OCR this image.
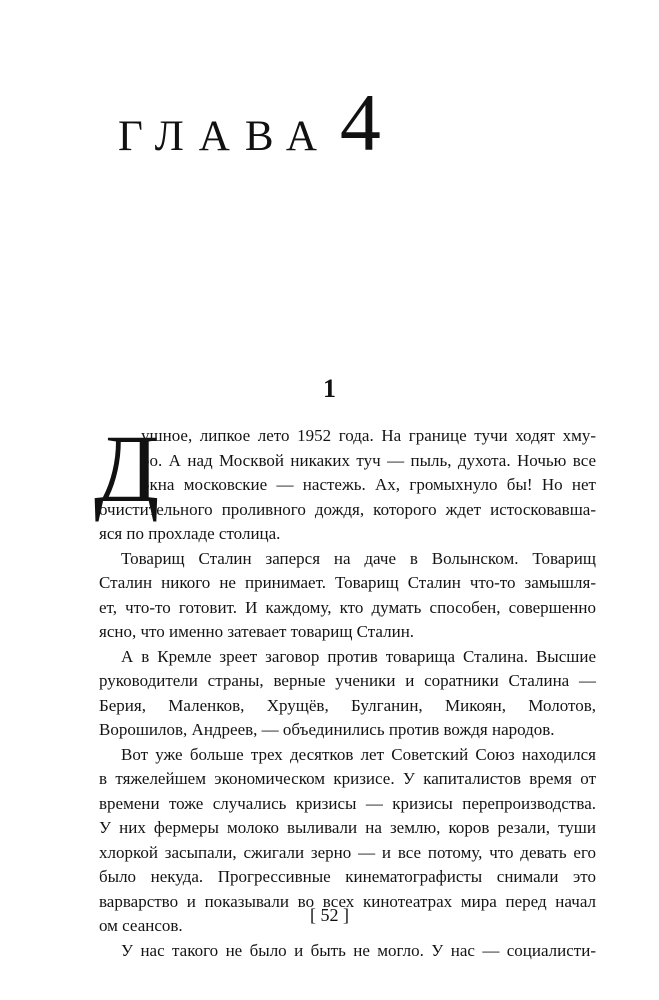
ГЛАВА 4
1
Д
ушное, липкое лето 1952 года. На границе тучи ходят хму-
ро. А над Москвой никаких туч — пыль, духота. Ночью все
окна московские — настежь. Ах, громыхнуло бы! Но нет
очистительного проливного дождя, которого ждет истосковавша-
яся по прохладе столица.
Товарищ Сталин заперся на даче в Волынском. Товарищ
Сталин никого не принимает. Товарищ Сталин что-то замышля-
ет, что-то готовит. И каждому, кто думать способен, совершенно
ясно, что именно затевает товарищ Сталин.
А в Кремле зреет заговор против товарища Сталина. Высшие
руководители страны, верные ученики и соратники Сталина —
Берия, Маленков, Хрущёв, Булганин, Микоян, Молотов,
Ворошилов, Андреев, — объединились против вождя народов.
Вот уже больше трех десятков лет Советский Союз находился
в тяжелейшем экономическом кризисе. У капиталистов время от
времени тоже случались кризисы — кризисы перепроизводства.
У них фермеры молоко выливали на землю, коров резали, туши
хлоркой засыпали, сжигали зерно — и все потому, что девать его
было некуда. Прогрессивные кинематографисты снимали это
варварство и показывали во всех кинотеатрах мира перед начал
ом сеансов.
У нас такого не было и быть не могло. У нас — социалисти-
[ 52 ]
